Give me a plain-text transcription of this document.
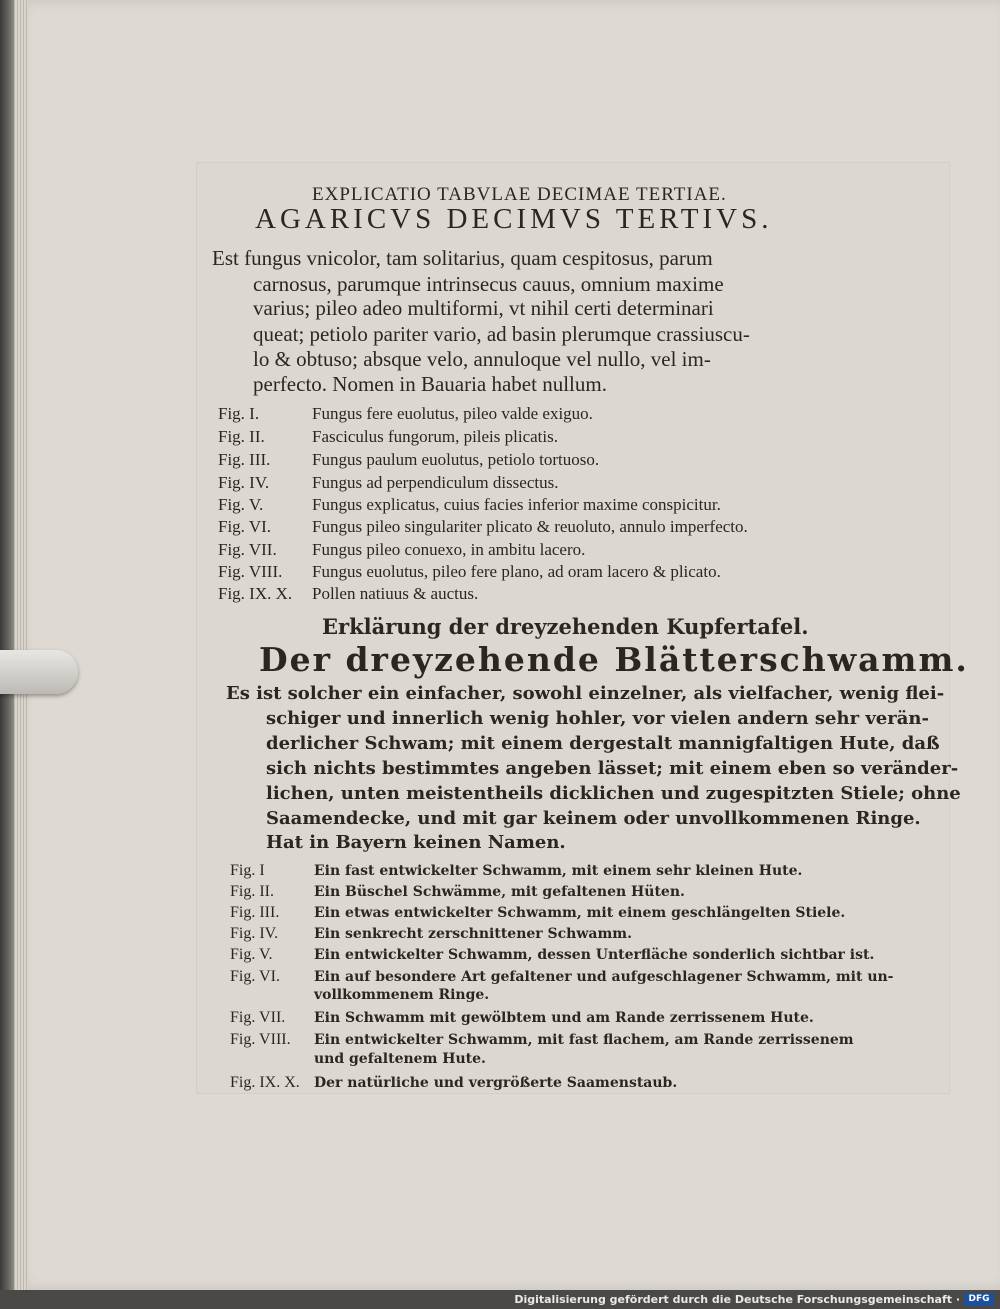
EXPLICATIO TABVLAE DECIMAE TERTIAE.
AGARICVS DECIMVS TERTIVS.
Est fungus vnicolor, tam solitarius, quam cespitosus, parum
carnosus, parumque intrinsecus cauus, omnium maxime
varius; pileo adeo multiformi, vt nihil certi determinari
queat; petiolo pariter vario, ad basin plerumque crassiuscu-
lo & obtuso; absque velo, annuloque vel nullo, vel im-
perfecto. Nomen in Bauaria habet nullum.
Fig. I.	Fungus fere euolutus, pileo valde exiguo.
Fig. II.	Fasciculus fungorum, pileis plicatis.
Fig. III. Fungus paulum euolutus, petiolo tortuoso.
Fig. IV.	Fungus ad perpendiculum dissectus.
Fig. V.	Fungus explicatus, cuius facies inferior maxime conspicitur.
Fig. VI. Fungus pileo singulariter plicato & reuoluto, annulo imperfecto.
Fig. VII. Fungus pileo conuexo, in ambitu lacero.
Fig. VIII. Fungus euolutus, pileo fere plano, ad oram lacero & plicato.
Fig. IX. X. Pollen natiuus & auctus.
Erklärung der dreyzehenden Kupfertafel.
Der dreyzehende Blätterschwamm.
Es ist solcher ein einfacher, sowohl einzelner, als vielfacher, wenig flei-
schiger und innerlich wenig hohler, vor vielen andern sehr verän-
derlicher Schwam; mit einem dergestalt mannigfaltigen Hute, daß
sich nichts bestimmtes angeben lässet; mit einem eben so veränder-
lichen, unten meistentheils dicklichen und zugespitzten Stiele; ohne
Saamendecke, und mit gar keinem oder unvollkommenen Ringe.
Hat in Bayern keinen Namen.
Fig. I	Ein fast entwickelter Schwamm, mit einem sehr kleinen Hute.
Fig. II.	Ein Büschel Schwämme, mit gefaltenen Hüten.
Fig. III. Ein etwas entwickelter Schwamm, mit einem geschlängelten Stiele.
Fig. IV.	Ein senkrecht zerschnittener Schwamm.
Fig. V.	Ein entwickelter Schwamm, dessen Unterfläche sonderlich sichtbar ist.
Fig. VI. Ein auf besondere Art gefaltener und aufgeschlagener Schwamm, mit un-
vollkommenem Ringe.
Fig. VII. Ein Schwamm mit gewölbtem und am Rande zerrissenem Hute.
Fig. VIII. Ein entwickelter Schwamm, mit fast flachem, am Rande zerrissenem
und gefaltenem Hute.
Fig. IX. X. Der natürliche und vergrößerte Saamenstaub.
Digitalisierung gefördert durch die Deutsche Forschungsgemeinschaft · DFG
